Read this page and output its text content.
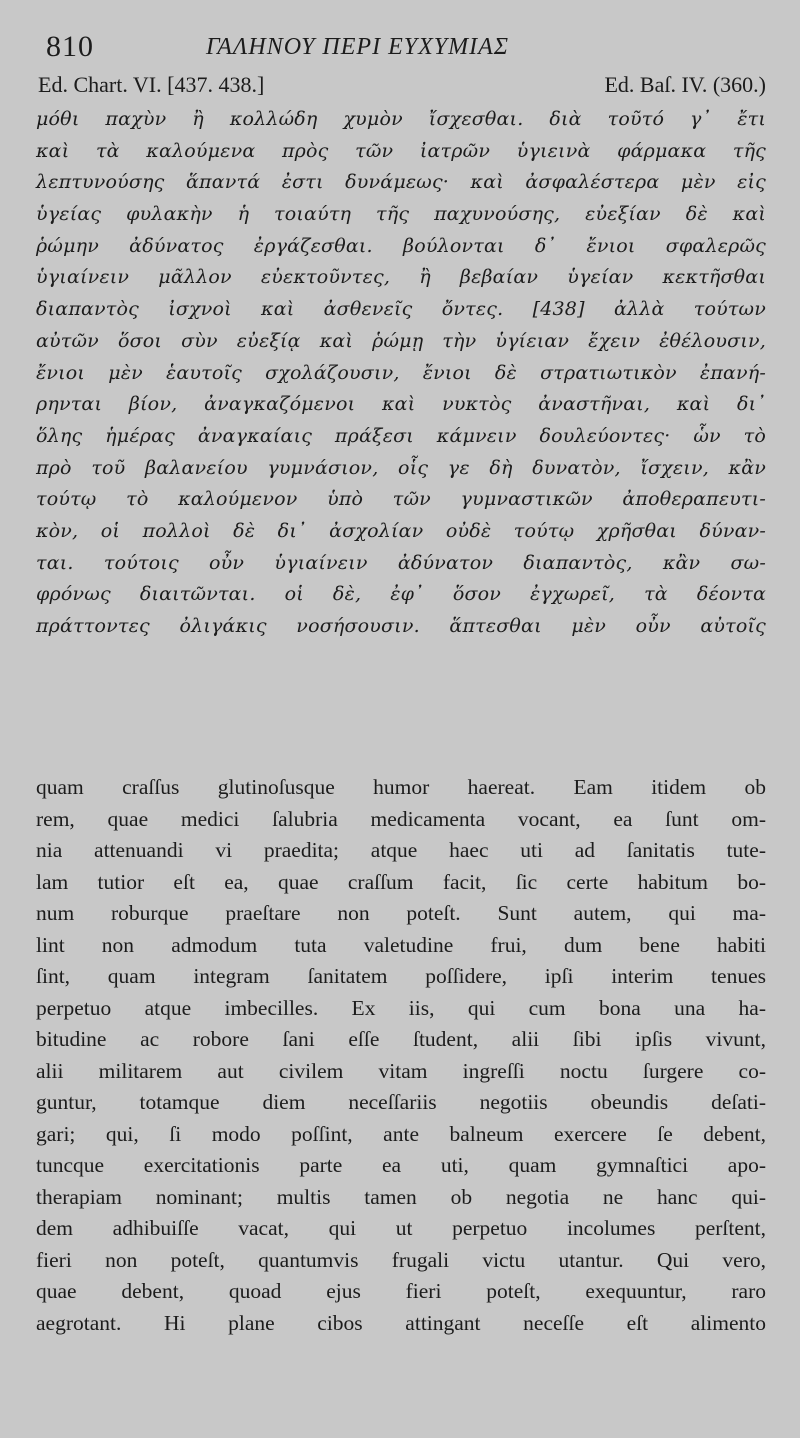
810	ΓΑΛΗΝΟΥ ΠΕΡΙ ΕΥΧΥΜΙΑΣ
Ed. Chart. VI. [437. 438.]	Ed. Baſ. IV. (360.)
μόθι παχὺν ἢ κολλώδη χυμὸν ἴσχεσθαι. διὰ τοῦτό γ᾽ ἔτι
καὶ τὰ καλούμενα πρὸς τῶν ἰατρῶν ὑγιεινὰ φάρμακα τῆς
λεπτυνούσης ἅπαντά ἐστι δυνάμεως· καὶ ἀσφαλέστερα μὲν εἰς
ὑγείας φυλακὴν ἡ τοιαύτη τῆς παχυνούσης, εὐεξίαν δὲ καὶ
ῥώμην ἀδύνατος ἐργάζεσθαι. βούλονται δ᾽ ἔνιοι σφαλερῶς
ὑγιαίνειν μᾶλλον εὐεκτοῦντες, ἢ βεβαίαν ὑγείαν κεκτῆσθαι
διαπαντὸς ἰσχνοὶ καὶ ἀσθενεῖς ὄντες. [438] ἀλλὰ τούτων
αὐτῶν ὅσοι σὺν εὐεξίᾳ καὶ ῥώμῃ τὴν ὑγίειαν ἔχειν ἐθέλουσιν,
ἔνιοι μὲν ἑαυτοῖς σχολάζουσιν, ἔνιοι δὲ στρατιωτικὸν ἐπανή-
ρηνται βίον, ἀναγκαζόμενοι καὶ νυκτὸς ἀναστῆναι, καὶ δι᾽
ὅλης ἡμέρας ἀναγκαίαις πράξεσι κάμνειν δουλεύοντες· ὧν τὸ
πρὸ τοῦ βαλανείου γυμνάσιον, οἷς γε δὴ δυνατὸν, ἴσχειν, κἂν
τούτῳ τὸ καλούμενον ὑπὸ τῶν γυμναστικῶν ἀποθεραπευτι-
κὸν, οἱ πολλοὶ δὲ δι᾽ ἀσχολίαν οὐδὲ τούτῳ χρῆσθαι δύναν-
ται. τούτοις οὖν ὑγιαίνειν ἀδύνατον διαπαντὸς, κἂν σω-
φρόνως διαιτῶνται. οἱ δὲ, ἐφ᾽ ὅσον ἐγχωρεῖ, τὰ δέοντα
πράττοντες ὀλιγάκις νοσήσουσιν. ἅπτεσθαι μὲν οὖν αὐτοῖς
quam craſſus glutinoſusque humor haereat. Eam itidem ob
rem, quae medici ſalubria medicamenta vocant, ea ſunt om-
nia attenuandi vi praedita; atque haec uti ad ſanitatis tute-
lam tutior eſt ea, quae craſſum facit, ſic certe habitum bo-
num roburque praeſtare non poteſt. Sunt autem, qui ma-
lint non admodum tuta valetudine frui, dum bene habiti
ſint, quam integram ſanitatem poſſidere, ipſi interim tenues
perpetuo atque imbecilles. Ex iis, qui cum bona una ha-
bitudine ac robore ſani eſſe ſtudent, alii ſibi ipſis vivunt,
alii militarem aut civilem vitam ingreſſi noctu ſurgere co-
guntur, totamque diem neceſſariis negotiis obeundis deſati-
gari; qui, ſi modo poſſint, ante balneum exercere ſe debent,
tuncque exercitationis parte ea uti, quam gymnaſtici apo-
therapiam nominant; multis tamen ob negotia ne hanc qui-
dem adhibuiſſe vacat, qui ut perpetuo incolumes perſtent,
fieri non poteſt, quantumvis frugali victu utantur. Qui vero,
quae debent, quoad ejus fieri poteſt, exequuntur, raro
aegrotant. Hi plane cibos attingant neceſſe eſt alimento
